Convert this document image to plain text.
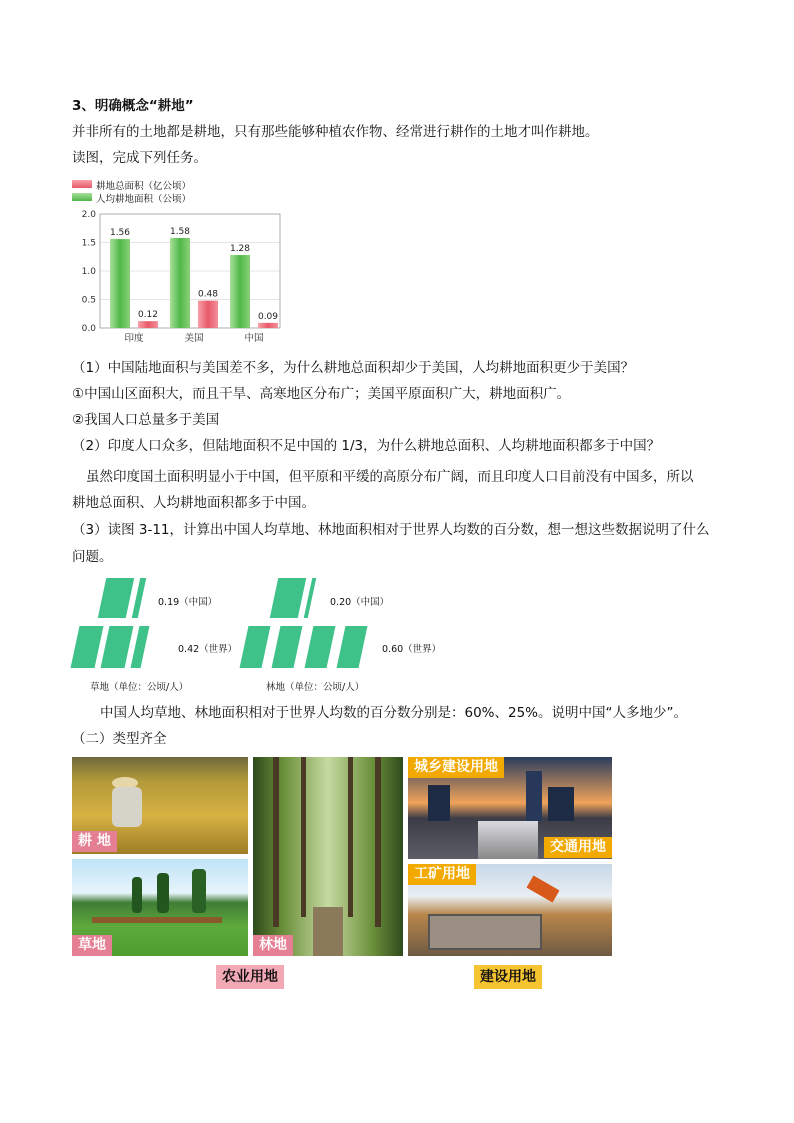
3、明确概念“耕地”
并非所有的土地都是耕地，只有那些能够种植农作物、经常进行耕作的土地才叫作耕地。
读图，完成下列任务。
耕地总面积（亿公顷）
人均耕地面积（公顷）
2.0
1.5
1.0
0.5
0.0
1.56
0.12
印度
1.58
0.48
美国
1.28
0.09
中国
（1）中国陆地面积与美国差不多，为什么耕地总面积却少于美国，人均耕地面积更少于美国？
①中国山区面积大，而且干旱、高寒地区分布广；美国平原面积广大，耕地面积广。
②我国人口总量多于美国
（2）印度人口众多，但陆地面积不足中国的 1/3，为什么耕地总面积、人均耕地面积都多于中国？
虽然印度国土面积明显小于中国，但平原和平缓的高原分布广阔，而且印度人口目前没有中国多，所以
耕地总面积、人均耕地面积都多于中国。
（3）读图 3-11，计算出中国人均草地、林地面积相对于世界人均数的百分数，想一想这些数据说明了什么
问题。
0.19（中国）
0.42（世界）
草地（单位：公顷/人）
0.20（中国）
0.60（世界）
林地（单位：公顷/人）
中国人均草地、林地面积相对于世界人均数的百分数分别是：60%、25%。说明中国“人多地少”。
（二）类型齐全
耕 地
草地	林地
城乡建设用地
交通用地
工矿用地
农业用地	建设用地
